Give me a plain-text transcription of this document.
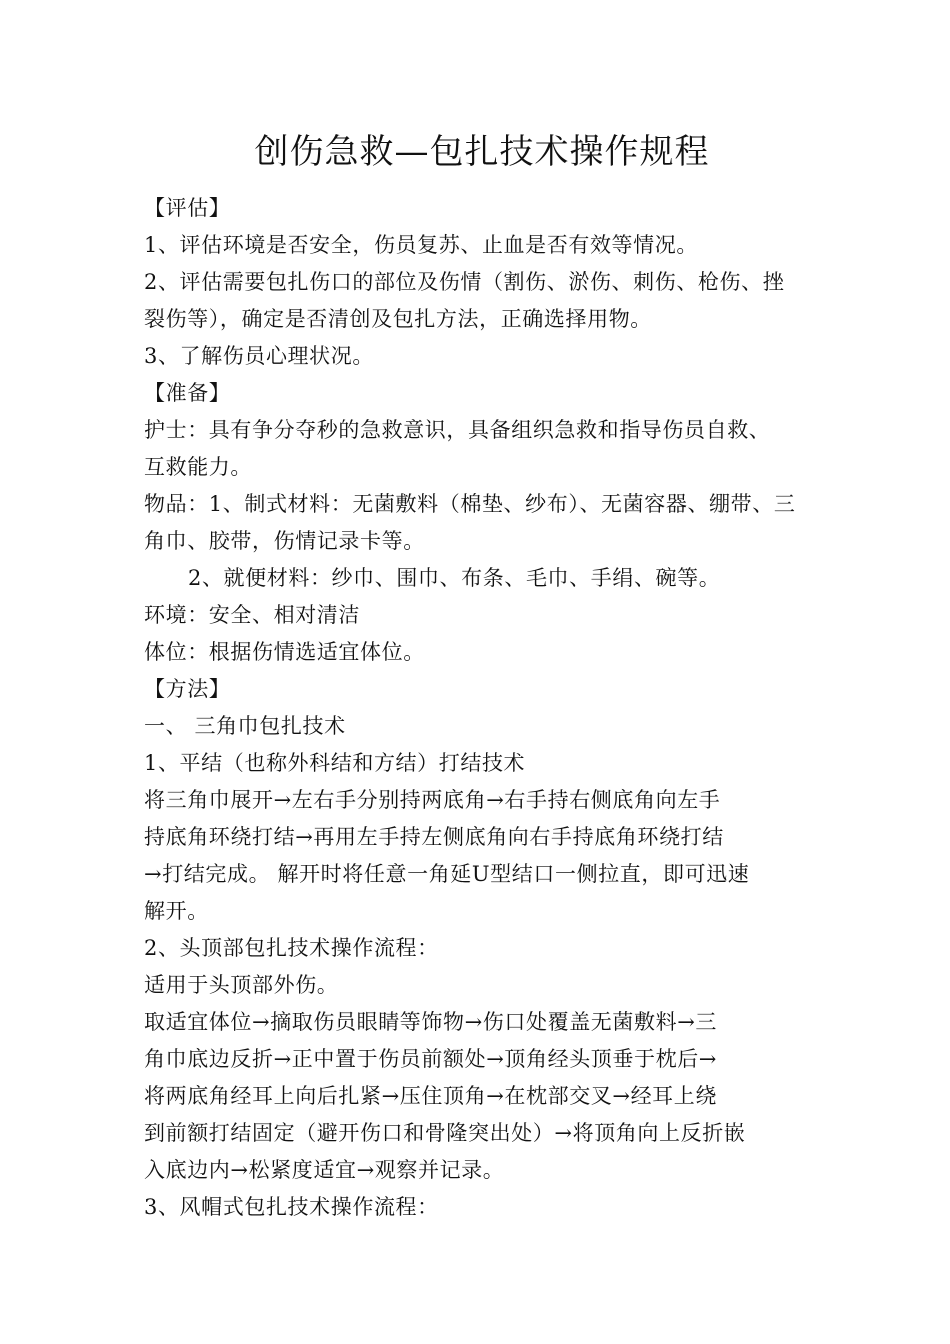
创伤急救—包扎技术操作规程
【评估】
1、评估环境是否安全，伤员复苏、止血是否有效等情况。
2、评估需要包扎伤口的部位及伤情（割伤、淤伤、刺伤、枪伤、挫
裂伤等），确定是否清创及包扎方法，正确选择用物。
3、了解伤员心理状况。
【准备】
护士：具有争分夺秒的急救意识，具备组织急救和指导伤员自救、
互救能力。
物品：1、制式材料：无菌敷料（棉垫、纱布）、无菌容器、绷带、三
角巾、胶带，伤情记录卡等。
2、就便材料：纱巾、围巾、布条、毛巾、手绢、碗等。
环境：安全、相对清洁
体位：根据伤情选适宜体位。
【方法】
一、 三角巾包扎技术
1、平结（也称外科结和方结）打结技术
将三角巾展开→左右手分别持两底角→右手持右侧底角向左手
持底角环绕打结→再用左手持左侧底角向右手持底角环绕打结
→打结完成。 解开时将任意一角延U型结口一侧拉直，即可迅速
解开。
2、头顶部包扎技术操作流程：
适用于头顶部外伤。
取适宜体位→摘取伤员眼睛等饰物→伤口处覆盖无菌敷料→三
角巾底边反折→正中置于伤员前额处→顶角经头顶垂于枕后→
将两底角经耳上向后扎紧→压住顶角→在枕部交叉→经耳上绕
到前额打结固定（避开伤口和骨隆突出处）→将顶角向上反折嵌
入底边内→松紧度适宜→观察并记录。
3、风帽式包扎技术操作流程：
